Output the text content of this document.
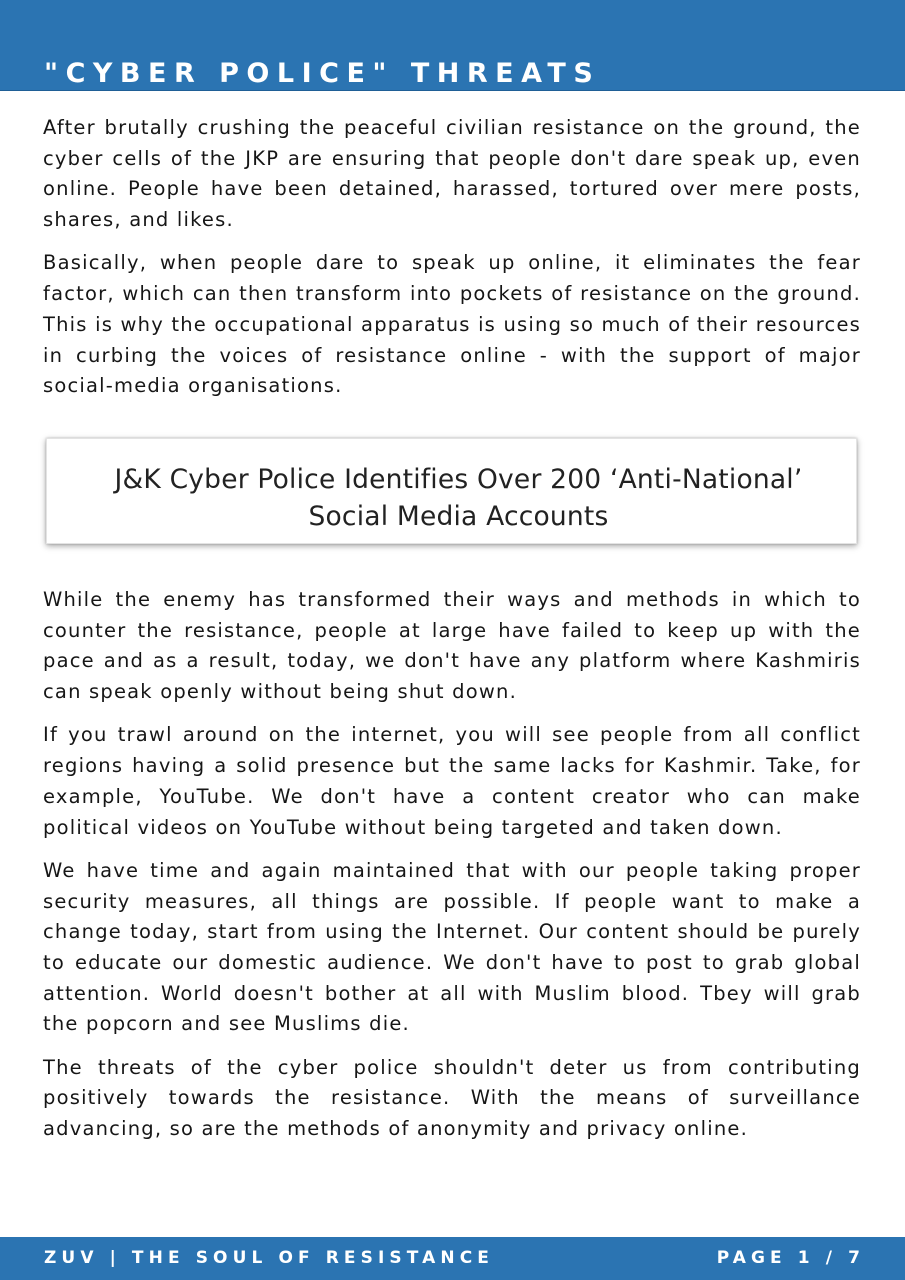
"CYBER POLICE" THREATS

After brutally crushing the peaceful civilian resistance on the ground, the cyber cells of the JKP are ensuring that people don't dare speak up, even online. People have been detained, harassed, tortured over mere posts, shares, and likes.

Basically, when people dare to speak up online, it eliminates the fear factor, which can then transform into pockets of resistance on the ground. This is why the occupational apparatus is using so much of their resources in curbing the voices of resistance online - with the support of major social-media organisations.

J&K Cyber Police Identifies Over 200 ‘Anti-National’
Social Media Accounts

While the enemy has transformed their ways and methods in which to counter the resistance, people at large have failed to keep up with the pace and as a result, today, we don't have any platform where Kashmiris can speak openly without being shut down.

If you trawl around on the internet, you will see people from all conflict regions having a solid presence but the same lacks for Kashmir. Take, for example, YouTube. We don't have a content creator who can make political videos on YouTube without being targeted and taken down.

We have time and again maintained that with our people taking proper security measures, all things are possible. If people want to make a change today, start from using the Internet. Our content should be purely to educate our domestic audience. We don't have to post to grab global attention. World doesn't bother at all with Muslim blood. Tbey will grab the popcorn and see Muslims die.

The threats of the cyber police shouldn't deter us from contributing positively towards the resistance. With the means of surveillance advancing, so are the methods of anonymity and privacy online.

ZUV | THE SOUL OF RESISTANCE	PAGE 1 / 7
